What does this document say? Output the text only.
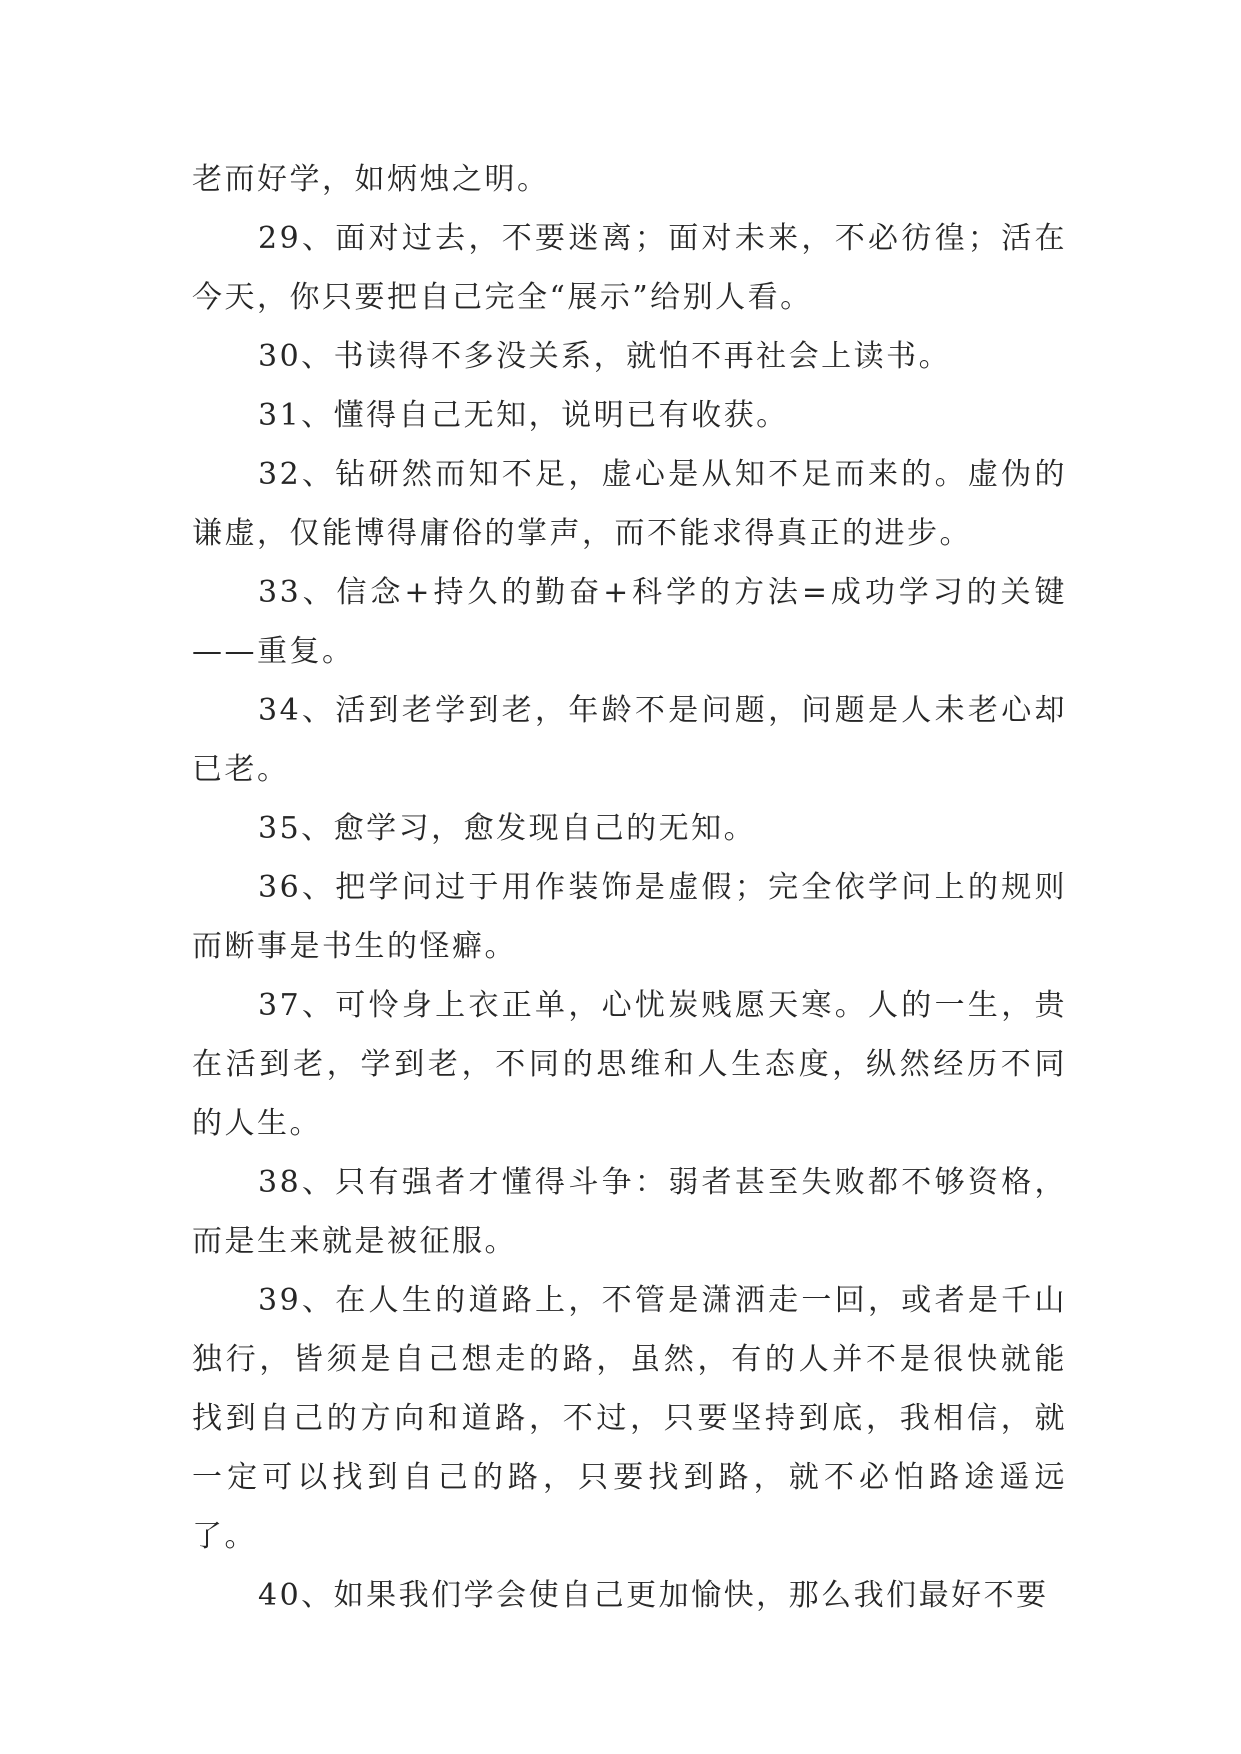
老而好学，如炳烛之明。

29、面对过去，不要迷离；面对未来，不必彷徨；活在今天，你只要把自己完全“展示”给别人看。

30、书读得不多没关系，就怕不再社会上读书。

31、懂得自己无知，说明已有收获。

32、钻研然而知不足，虚心是从知不足而来的。虚伪的谦虚，仅能博得庸俗的掌声，而不能求得真正的进步。

33、信念+持久的勤奋+科学的方法=成功学习的关键——重复。

34、活到老学到老，年龄不是问题，问题是人未老心却已老。

35、愈学习，愈发现自己的无知。

36、把学问过于用作装饰是虚假；完全依学问上的规则而断事是书生的怪癖。

37、可怜身上衣正单，心忧炭贱愿天寒。人的一生，贵在活到老，学到老，不同的思维和人生态度，纵然经历不同的人生。

38、只有强者才懂得斗争：弱者甚至失败都不够资格，而是生来就是被征服。

39、在人生的道路上，不管是潇洒走一回，或者是千山独行，皆须是自己想走的路，虽然，有的人并不是很快就能找到自己的方向和道路，不过，只要坚持到底，我相信，就一定可以找到自己的路，只要找到路，就不必怕路途遥远了。

40、如果我们学会使自己更加愉快，那么我们最好不要
